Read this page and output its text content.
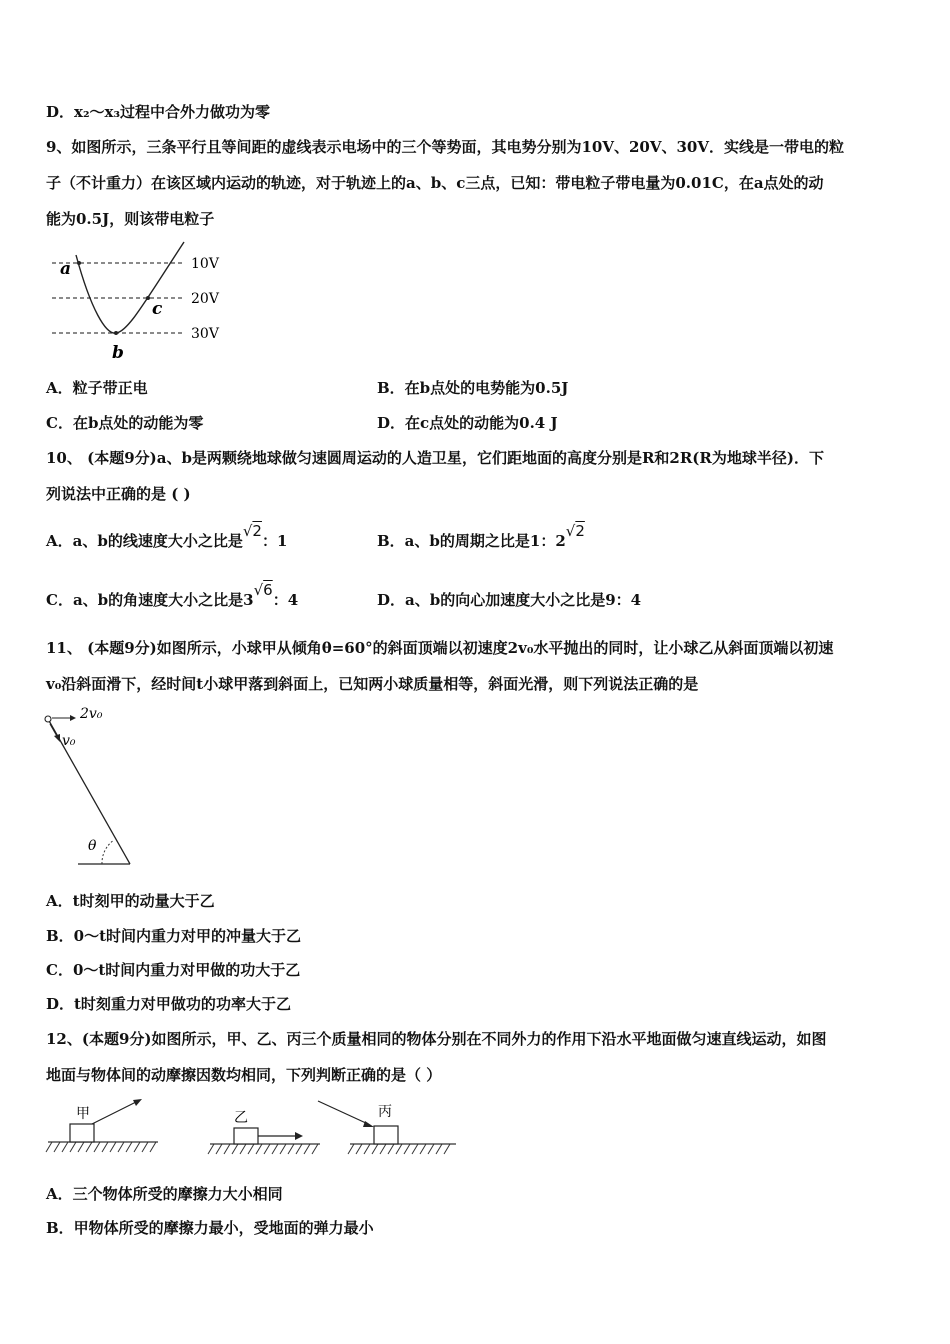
D．x₂～x₃过程中合外力做功为零
9、如图所示，三条平行且等间距的虚线表示电场中的三个等势面，其电势分别为10V、20V、30V．实线是一带电的粒
子（不计重力）在该区域内运动的轨迹，对于轨迹上的a、b、c三点，已知：带电粒子带电量为0.01C，在a点处的动
能为0.5J，则该带电粒子
10V
20V
30V
a
c
b
A．粒子带正电	B．在b点处的电势能为0.5J
C．在b点处的动能为零	D．在c点处的动能为0.4 J
10、 (本题9分)a、b是两颗绕地球做匀速圆周运动的人造卫星，它们距地面的高度分别是R和2R(R为地球半径)．下
列说法中正确的是 ( )
A．a、b的线速度大小之比是√2：1	B．a、b的周期之比是1：2√2
C．a、b的角速度大小之比是3√6：4	D．a、b的向心加速度大小之比是9：4
11、 (本题9分)如图所示，小球甲从倾角θ=60°的斜面顶端以初速度2v₀水平抛出的同时，让小球乙从斜面顶端以初速
v₀沿斜面滑下，经时间t小球甲落到斜面上，已知两小球质量相等，斜面光滑，则下列说法正确的是
2v₀
v₀
θ
A．t时刻甲的动量大于乙
B．0～t时间内重力对甲的冲量大于乙
C．0～t时间内重力对甲做的功大于乙
D．t时刻重力对甲做功的功率大于乙
12、(本题9分)如图所示，甲、乙、丙三个质量相同的物体分别在不同外力的作用下沿水平地面做匀速直线运动，如图
地面与物体间的动摩擦因数均相同，下列判断正确的是（ ）
甲	乙	丙
A．三个物体所受的摩擦力大小相同
B．甲物体所受的摩擦力最小，受地面的弹力最小
